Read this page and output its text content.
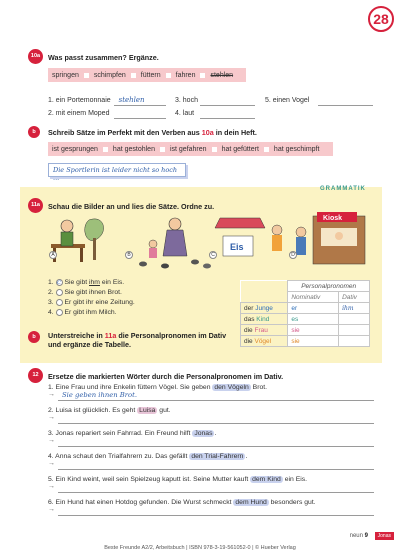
28
10a	Was passt zusammen? Ergänze.
springen schimpfen füttern fahren stehlen
1. ein Portemonnaie stehlen	3. hoch	5. einen Vogel
2. mit einem Moped	4. laut
b	Schreib Sätze im Perfekt mit den Verben aus 10a in dein Heft.
ist gesprungen hat gestohlen ist gefahren hat gefüttert hat geschimpft
Die Sportlerin ist leider nicht so hoch ...
GRAMMATIK
11a	Schau die Bilder an und lies die Sätze. Ordne zu.
Eis
Kiosk
A	B	C	D
1. C Sie gibt ihm ein Eis.
2. Sie gibt ihnen Brot.
3. Er gibt ihr eine Zeitung.
4. Er gibt ihm Milch.
	Personalpronomen	
	Nominativ	Dativ
der Junge	er	ihm
das Kind	es	
die Frau	sie	
die Vögel	sie	
b	Unterstreiche in 11a die Personalpronomen im Dativ und ergänze die Tabelle.
12	Ersetze die markierten Wörter durch die Personalpronomen im Dativ.
1. Eine Frau und ihre Enkelin füttern Vögel. Sie geben den Vögeln Brot.
→ Sie geben ihnen Brot.
2. Luisa ist glücklich. Es geht Luisa gut.
→
3. Jonas repariert sein Fahrrad. Ein Freund hilft Jonas .
→
4. Anna schaut den Trialfahrern zu. Das gefällt den Trial-Fahrern .
→
5. Ein Kind weint, weil sein Spielzeug kaputt ist. Seine Mutter kauft dem Kind ein Eis.
→
6. Ein Hund hat einen Hotdog gefunden. Die Wurst schmeckt dem Hund besonders gut.
→
Beste Freunde A2/2, Arbeitsbuch | ISBN 978-3-19-561052-0 | © Hueber Verlag
neun 9	Jonas
